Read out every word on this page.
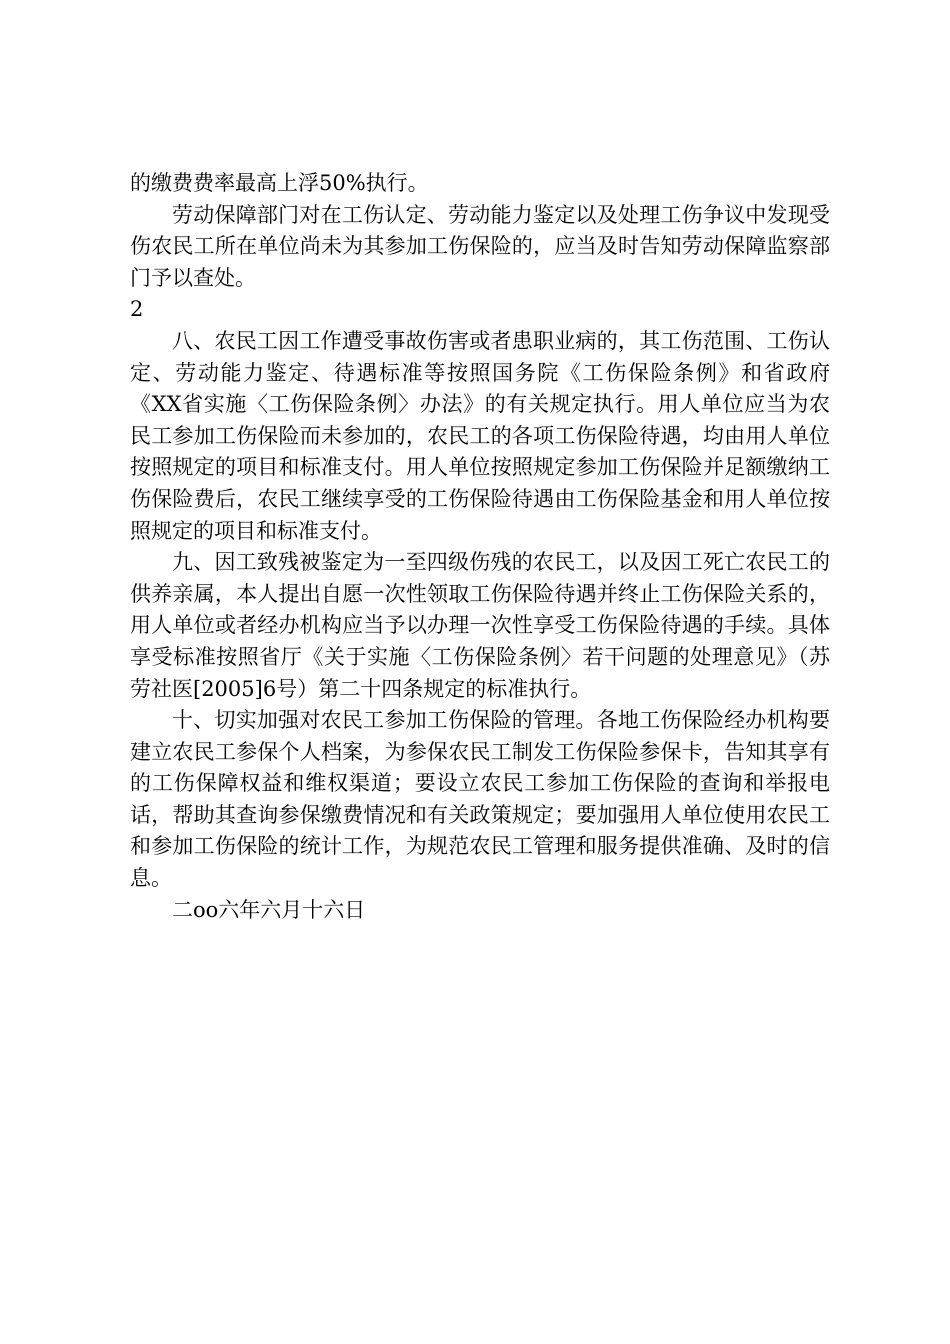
的缴费费率最高上浮50%执行。

劳动保障部门对在工伤认定、劳动能力鉴定以及处理工伤争议中发现受伤农民工所在单位尚未为其参加工伤保险的，应当及时告知劳动保障监察部门予以查处。

2

八、农民工因工作遭受事故伤害或者患职业病的，其工伤范围、工伤认定、劳动能力鉴定、待遇标准等按照国务院《工伤保险条例》和省政府《XX省实施〈工伤保险条例〉办法》的有关规定执行。用人单位应当为农民工参加工伤保险而未参加的，农民工的各项工伤保险待遇，均由用人单位按照规定的项目和标准支付。用人单位按照规定参加工伤保险并足额缴纳工伤保险费后，农民工继续享受的工伤保险待遇由工伤保险基金和用人单位按照规定的项目和标准支付。

九、因工致残被鉴定为一至四级伤残的农民工，以及因工死亡农民工的供养亲属，本人提出自愿一次性领取工伤保险待遇并终止工伤保险关系的，用人单位或者经办机构应当予以办理一次性享受工伤保险待遇的手续。具体享受标准按照省厅《关于实施〈工伤保险条例〉若干问题的处理意见》（苏劳社医[2005]6号）第二十四条规定的标准执行。

十、切实加强对农民工参加工伤保险的管理。各地工伤保险经办机构要建立农民工参保个人档案，为参保农民工制发工伤保险参保卡，告知其享有的工伤保障权益和维权渠道；要设立农民工参加工伤保险的查询和举报电话，帮助其查询参保缴费情况和有关政策规定；要加强用人单位使用农民工和参加工伤保险的统计工作，为规范农民工管理和服务提供准确、及时的信息。

二oo六年六月十六日
